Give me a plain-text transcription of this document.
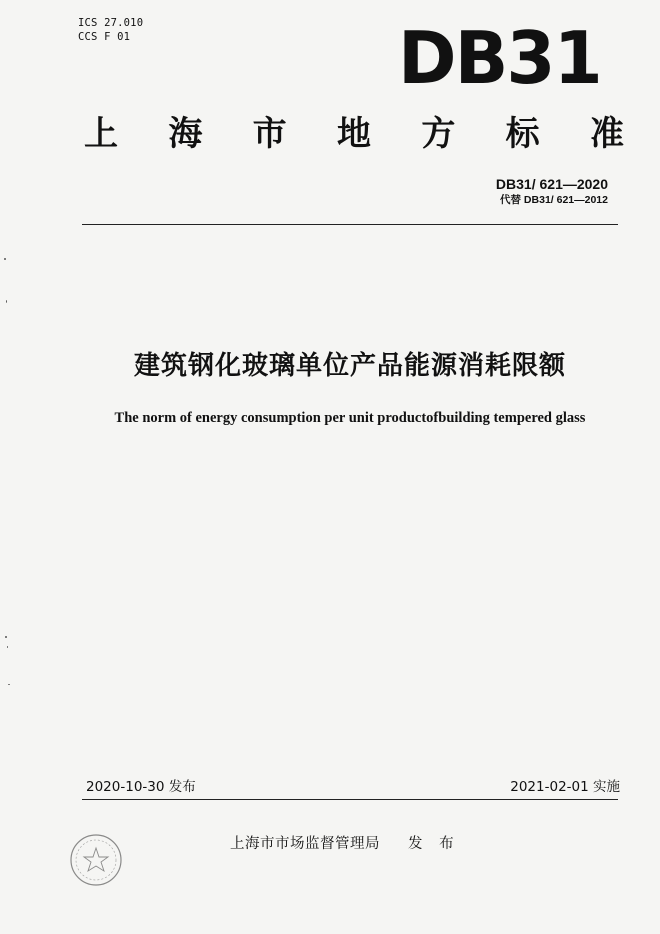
ICS 27.010
CCS F 01	DB31
上 海 市 地 方 标 准
DB31/ 621—2020
代替 DB31/ 621—2012
建筑钢化玻璃单位产品能源消耗限额
The norm of energy consumption per unit productofbuilding tempered glass
2020-10-30 发布	2021-02-01 实施
上海市市场监督管理局 发 布
